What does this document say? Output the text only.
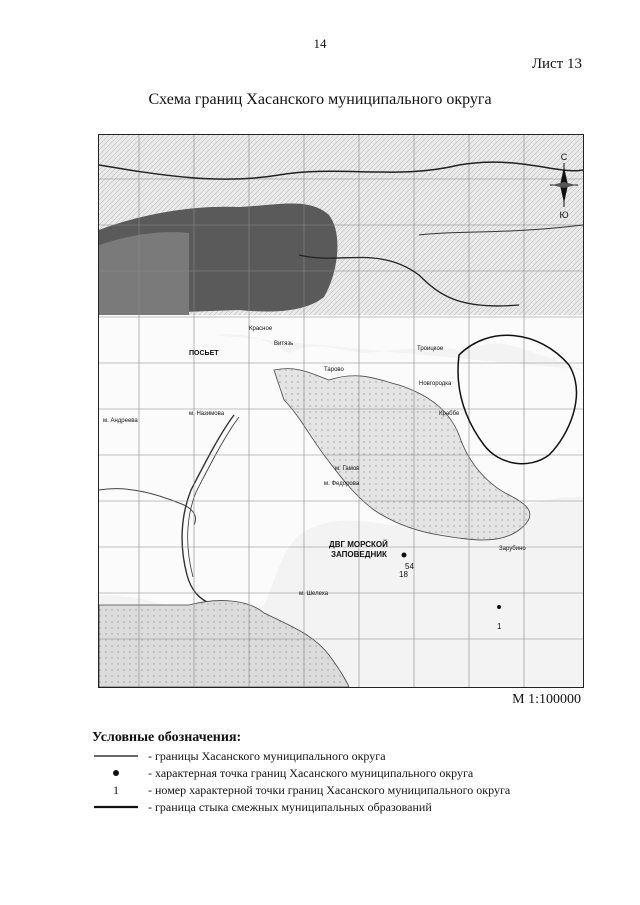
14
Лист 13
Схема границ Хасанского муниципального округа
С
Ю
ПОСЬЕТ
ДВГ МОРСКОЙ
ЗАПОВЕДНИК
54
18
1
м. Андреева
м. Назимова
Красное
Тарово
Витязь
Новгородка
Троицкое
Краббе
м. Федорова
м. Гамов
м. Шелеха
Зарубино
М 1:100000
Условные обозначения:
- границы Хасанского муниципального округа
- характерная точка границ Хасанского муниципального округа
1	- номер характерной точки границ Хасанского муниципального округа
- граница стыка смежных муниципальных образований
